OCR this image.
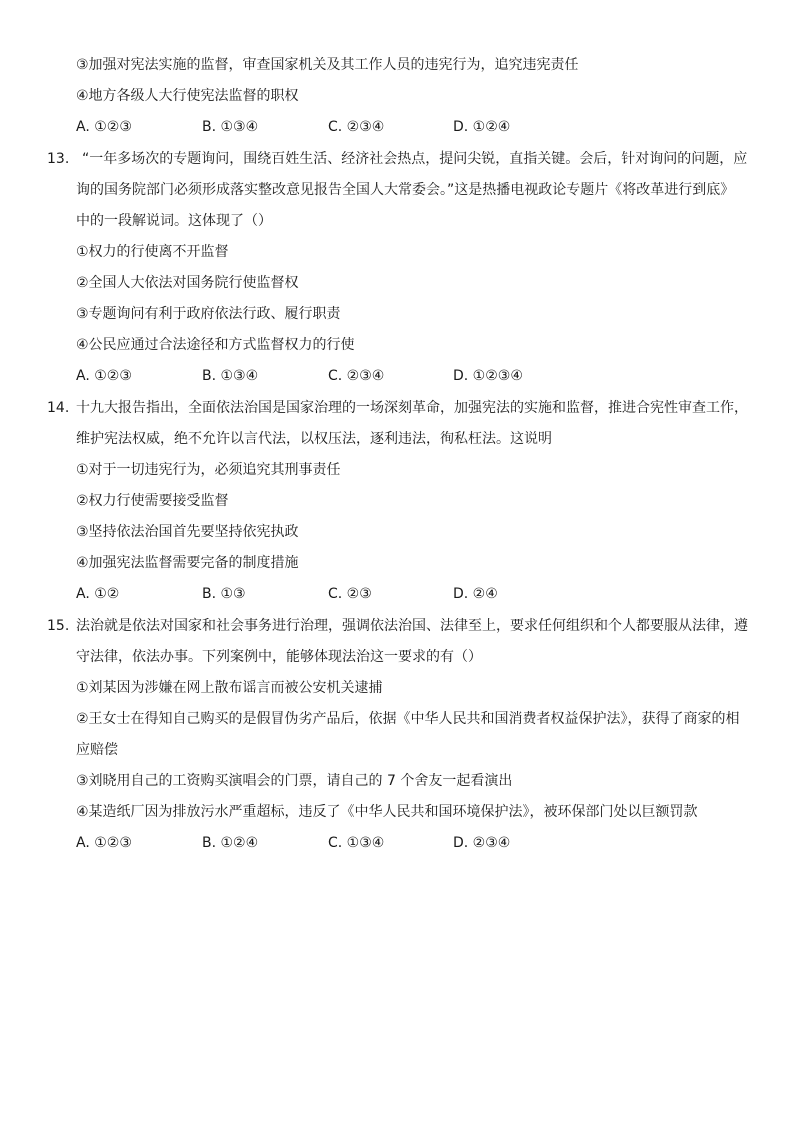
③加强对宪法实施的监督，审查国家机关及其工作人员的违宪行为，追究违宪责任
④地方各级人大行使宪法监督的职权
A. ①②③	B. ①③④	C. ②③④	D. ①②④
13. “一年多场次的专题询问，围绕百姓生活、经济社会热点，提问尖锐，直指关键。会后，针对询问的问题，应
询的国务院部门必须形成落实整改意见报告全国人大常委会。”这是热播电视政论专题片《将改革进行到底》
中的一段解说词。这体现了（）
①权力的行使离不开监督
②全国人大依法对国务院行使监督权
③专题询问有利于政府依法行政、履行职责
④公民应通过合法途径和方式监督权力的行使
A. ①②③	B. ①③④	C. ②③④	D. ①②③④
14. 十九大报告指出，全面依法治国是国家治理的一场深刻革命，加强宪法的实施和监督，推进合宪性审查工作，
维护宪法权威，绝不允许以言代法，以权压法，逐利违法，徇私枉法。这说明
①对于一切违宪行为，必须追究其刑事责任
②权力行使需要接受监督
③坚持依法治国首先要坚持依宪执政
④加强宪法监督需要完备的制度措施
A. ①②	B. ①③	C. ②③	D. ②④
15. 法治就是依法对国家和社会事务进行治理，强调依法治国、法律至上，要求任何组织和个人都要服从法律，遵
守法律，依法办事。下列案例中，能够体现法治这一要求的有（）
①刘某因为涉嫌在网上散布谣言而被公安机关逮捕
②王女士在得知自己购买的是假冒伪劣产品后，依据《中华人民共和国消费者权益保护法》，获得了商家的相
应赔偿
③刘晓用自己的工资购买演唱会的门票，请自己的 7 个舍友一起看演出
④某造纸厂因为排放污水严重超标，违反了《中华人民共和国环境保护法》，被环保部门处以巨额罚款
A. ①②③	B. ①②④	C. ①③④	D. ②③④
